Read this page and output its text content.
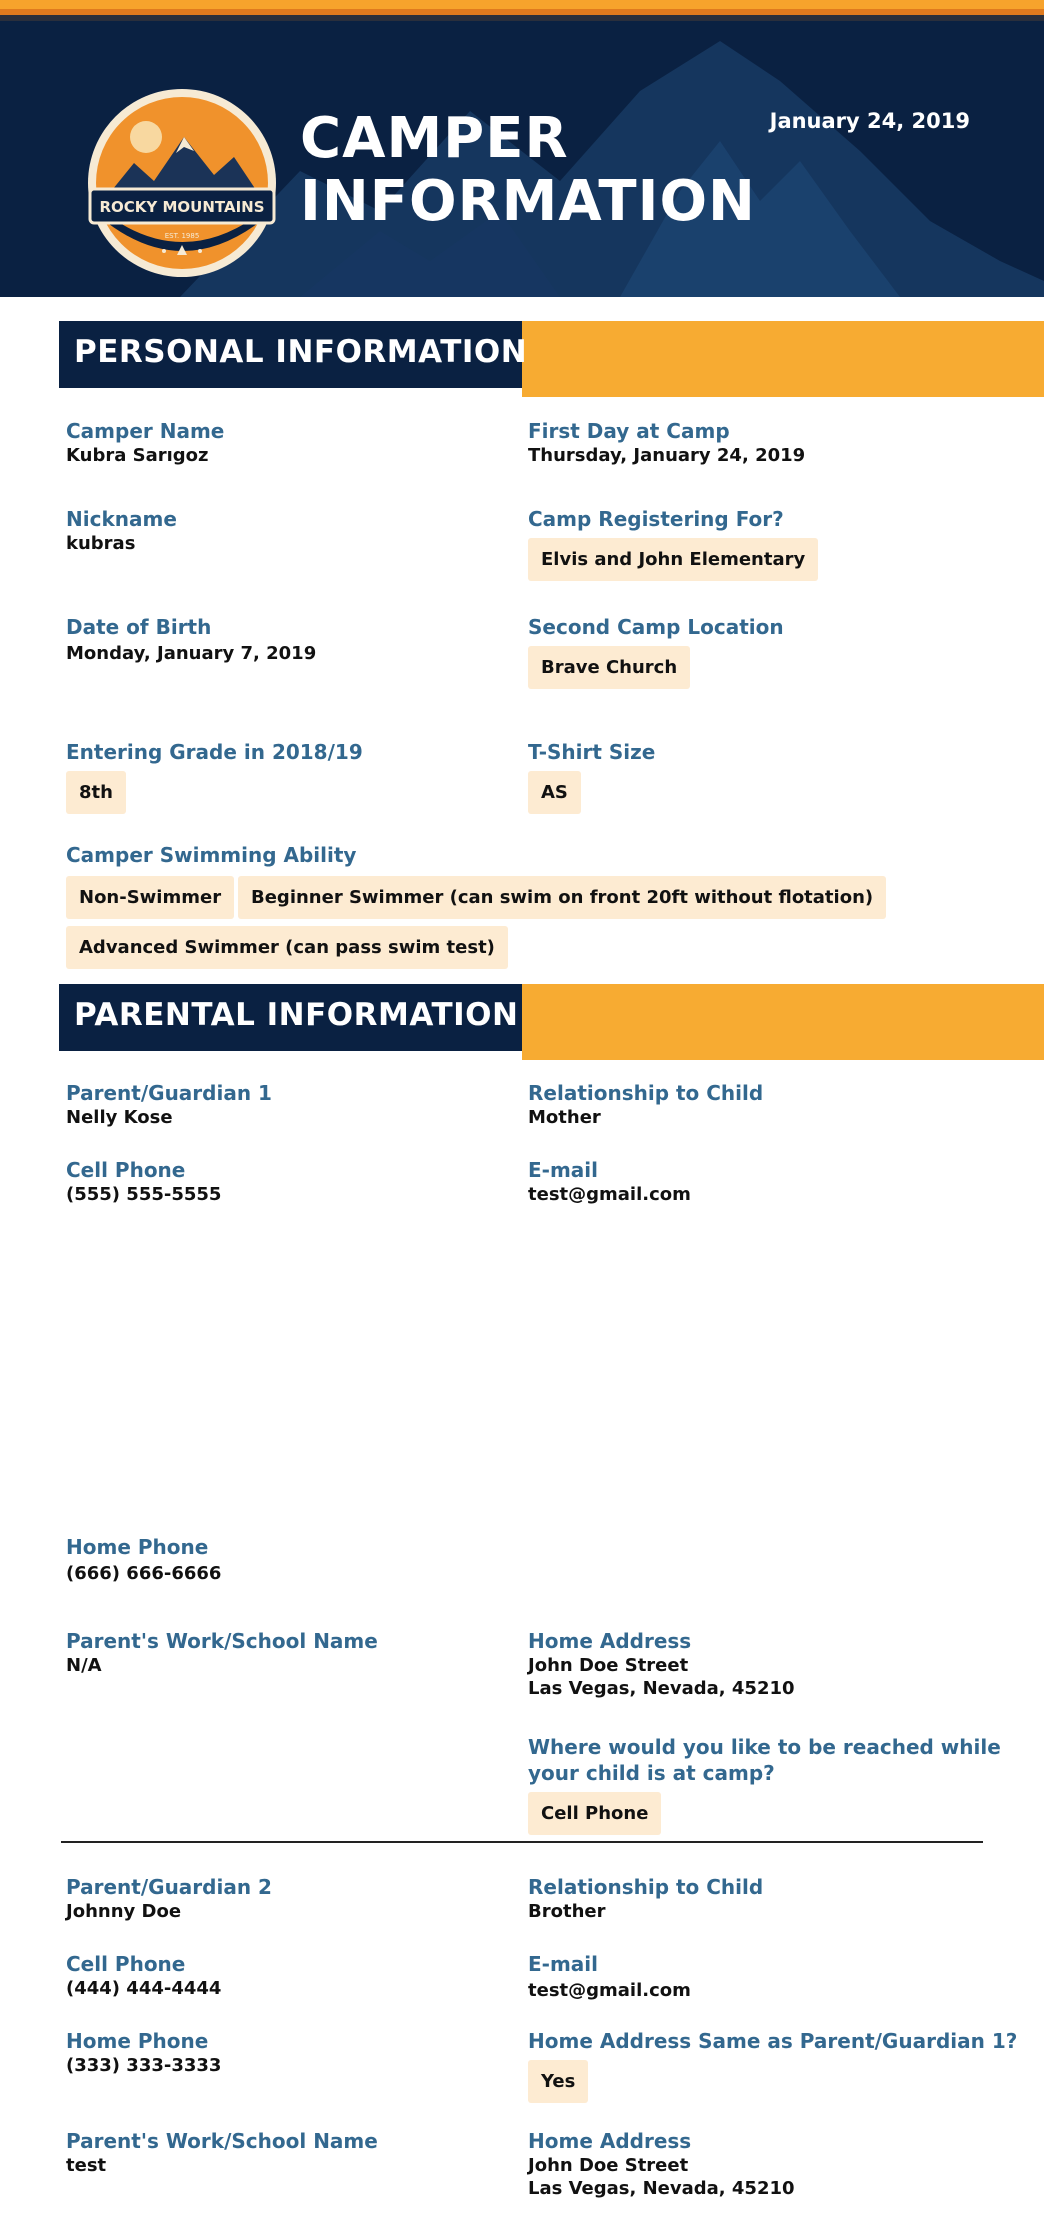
ROCKY MOUNTAINS
EST. 1985
CAMPER
INFORMATION
January 24, 2019
PERSONAL INFORMATION
Camper Name
Kubra Sarıgoz
First Day at Camp
Thursday, January 24, 2019
Nickname
kubras
Camp Registering For?
Elvis and John Elementary
Date of Birth
Monday, January 7, 2019
Second Camp Location
Brave Church
Entering Grade in 2018/19
8th
T-Shirt Size
AS
Camper Swimming Ability
Non-Swimmer	Beginner Swimmer (can swim on front 20ft without flotation)
Advanced Swimmer (can pass swim test)
PARENTAL INFORMATION
Parent/Guardian 1
Nelly Kose
Relationship to Child
Mother
Cell Phone
(555) 555-5555
E-mail
test@gmail.com
Home Phone
(666) 666-6666
Parent's Work/School Name
N/A
Home Address
John Doe Street
Las Vegas, Nevada, 45210
Where would you like to be reached while
your child is at camp?
Cell Phone
Parent/Guardian 2
Johnny Doe
Relationship to Child
Brother
Cell Phone
(444) 444-4444
E-mail
test@gmail.com
Home Phone
(333) 333-3333
Home Address Same as Parent/Guardian 1?
Yes
Parent's Work/School Name
test
Home Address
John Doe Street
Las Vegas, Nevada, 45210
